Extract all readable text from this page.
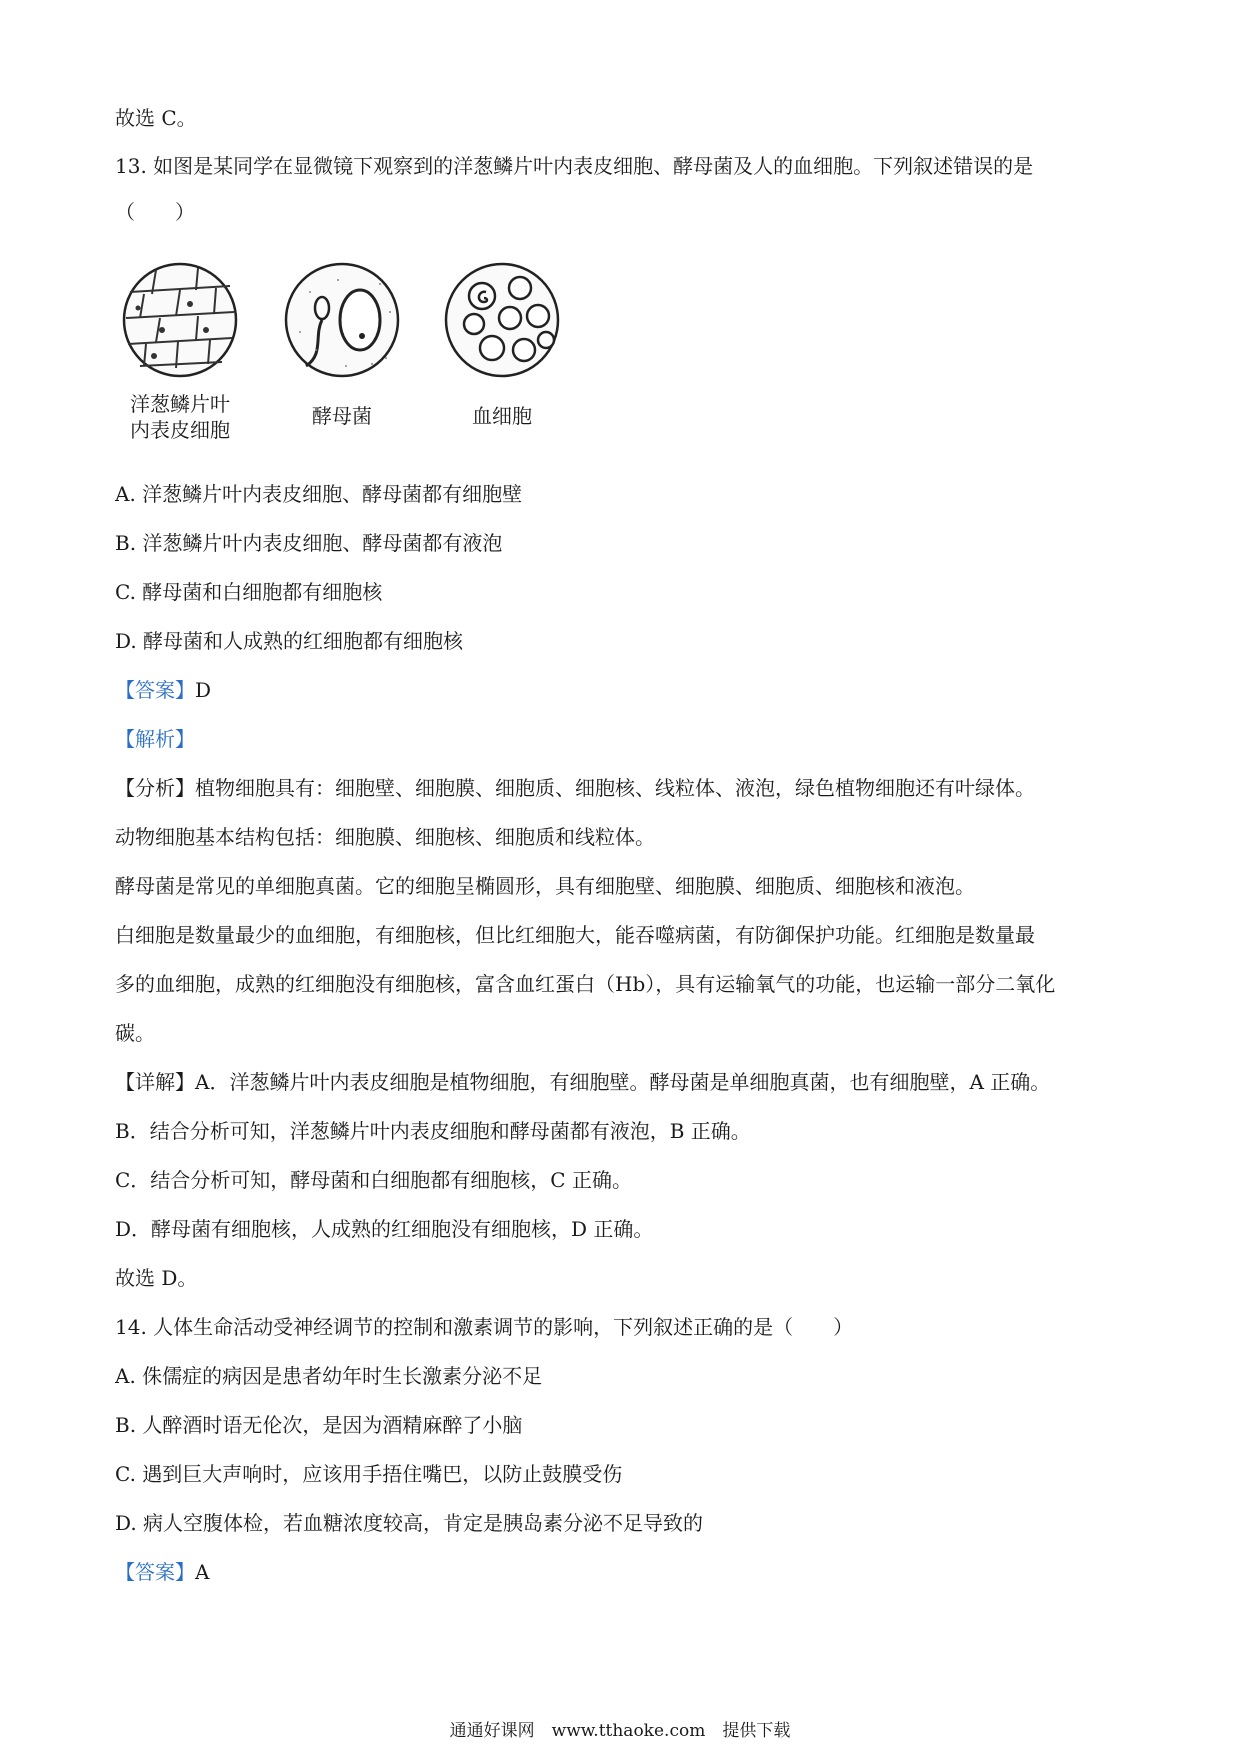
故选 C。
13. 如图是某同学在显微镜下观察到的洋葱鳞片叶内表皮细胞、酵母菌及人的血细胞。下列叙述错误的是
（　　）
洋葱鳞片叶
内表皮细胞
酵母菌	血细胞
A. 洋葱鳞片叶内表皮细胞、酵母菌都有细胞壁
B. 洋葱鳞片叶内表皮细胞、酵母菌都有液泡
C. 酵母菌和白细胞都有细胞核
D. 酵母菌和人成熟的红细胞都有细胞核
【答案】D
【解析】
【分析】植物细胞具有：细胞壁、细胞膜、细胞质、细胞核、线粒体、液泡，绿色植物细胞还有叶绿体。
动物细胞基本结构包括：细胞膜、细胞核、细胞质和线粒体。
酵母菌是常见的单细胞真菌。它的细胞呈椭圆形，具有细胞壁、细胞膜、细胞质、细胞核和液泡。
白细胞是数量最少的血细胞，有细胞核，但比红细胞大，能吞噬病菌，有防御保护功能。红细胞是数量最
多的血细胞，成熟的红细胞没有细胞核，富含血红蛋白（Hb），具有运输氧气的功能，也运输一部分二氧化
碳。
【详解】A．洋葱鳞片叶内表皮细胞是植物细胞，有细胞壁。酵母菌是单细胞真菌，也有细胞壁，A 正确。
B．结合分析可知，洋葱鳞片叶内表皮细胞和酵母菌都有液泡，B 正确。
C．结合分析可知，酵母菌和白细胞都有细胞核，C 正确。
D．酵母菌有细胞核，人成熟的红细胞没有细胞核，D 正确。
故选 D。
14. 人体生命活动受神经调节的控制和激素调节的影响，下列叙述正确的是（　　）
A. 侏儒症的病因是患者幼年时生长激素分泌不足
B. 人醉酒时语无伦次，是因为酒精麻醉了小脑
C. 遇到巨大声响时，应该用手捂住嘴巴，以防止鼓膜受伤
D. 病人空腹体检，若血糖浓度较高，肯定是胰岛素分泌不足导致的
【答案】A
通通好课网　www.tthaoke.com　提供下载
